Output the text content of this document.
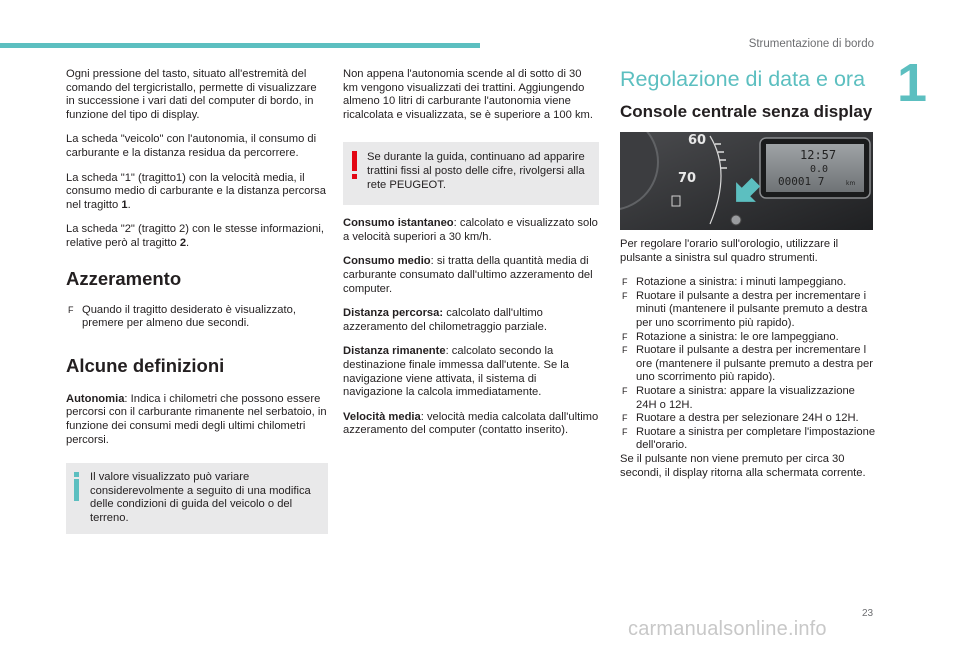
Strumentazione di bordo
1

Ogni pressione del tasto, situato all'estremità del comando del tergicristallo, permette di visualizzare in successione i vari dati del computer di bordo, in funzione del tipo di display.

La scheda "veicolo" con l'autonomia, il consumo di carburante e la distanza residua da percorrere.

La scheda "1" (tragitto1) con la velocità media, il consumo medio di carburante e la distanza percorsa nel tragitto 1.

La scheda "2" (tragitto 2) con le stesse informazioni, relative però al tragitto 2.

Azzeramento
F Quando il tragitto desiderato è visualizzato, premere per almeno due secondi.
Alcune definizioni

Autonomia: Indica i chilometri che possono essere percorsi con il carburante rimanente nel serbatoio, in funzione dei consumi medi degli ultimi chilometri percorsi.

Il valore visualizzato può variare considerevolmente a seguito di una modifica delle condizioni di guida del veicolo o del terreno.

Non appena l'autonomia scende al di sotto di 30 km vengono visualizzati dei trattini. Aggiungendo almeno 10 litri di carburante l'autonomia viene ricalcolata e visualizzata, se è superiore a 100 km.

Se durante la guida, continuano ad apparire trattini fissi al posto delle cifre, rivolgersi alla rete PEUGEOT.

Consumo istantaneo: calcolato e visualizzato solo a velocità superiori a 30 km/h.

Consumo medio: si tratta della quantità media di carburante consumato dall'ultimo azzeramento del computer.

Distanza percorsa: calcolato dall'ultimo azzeramento del chilometraggio parziale.

Distanza rimanente: calcolato secondo la destinazione finale immessa dall'utente. Se la navigazione viene attivata, il sistema di navigazione la calcola immediatamente.

Velocità media: velocità media calcolata dall'ultimo azzeramento del computer (contatto inserito).

Regolazione di data e ora
Console centrale senza display
60
70
12:57
0.0
00001 7	km

Per regolare l'orario sull'orologio, utilizzare il pulsante a sinistra sul quadro strumenti.

F Rotazione a sinistra: i minuti lampeggiano.
F Ruotare il pulsante a destra per incrementare i minuti (mantenere il pulsante premuto a destra per uno scorrimento più rapido).
F Rotazione a sinistra: le ore lampeggiano.
F Ruotare il pulsante a destra per incrementare l ore (mantenere il pulsante premuto a destra per uno scorrimento più rapido).
F Ruotare a sinistra: appare la visualizzazione 24H o 12H.
F Ruotare a destra per selezionare 24H o 12H.
F Ruotare a sinistra per completare l'impostazione dell'orario.

Se il pulsante non viene premuto per circa 30 secondi, il display ritorna alla schermata corrente.

23
carmanualsonline.info
